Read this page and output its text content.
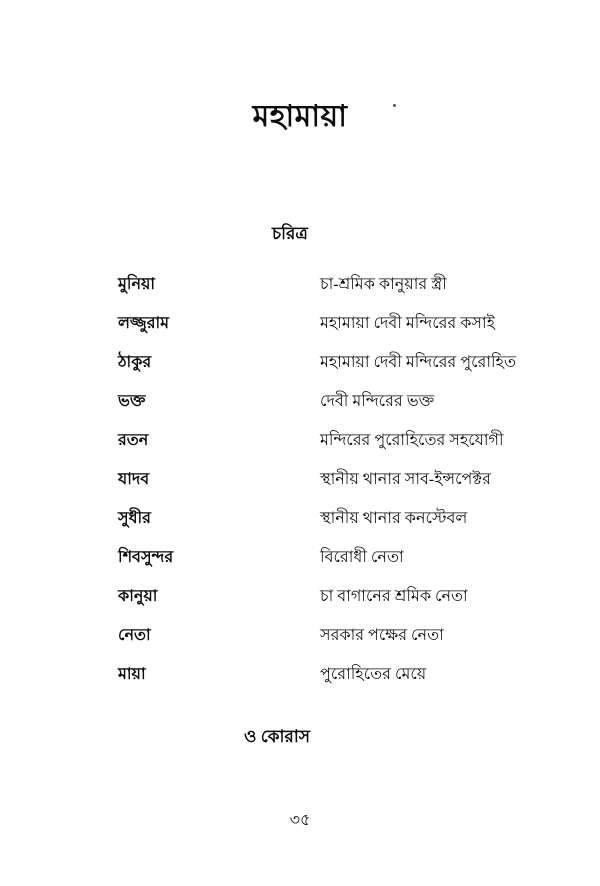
মহামায়া
চরিত্র
মুনিয়া	চা-শ্রমিক কানুয়ার স্ত্রী
লজ্জুরাম	মহামায়া দেবী মন্দিরের কসাই
ঠাকুর	মহামায়া দেবী মন্দিরের পুরোহিত
ভক্ত	দেবী মন্দিরের ভক্ত
রতন	মন্দিরের পুরোহিতের সহযোগী
যাদব	স্থানীয় থানার সাব-ইন্সপেক্টর
সুধীর	স্থানীয় থানার কনস্টেবল
শিবসুন্দর	বিরোধী নেতা
কানুয়া	চা বাগানের শ্রমিক নেতা
নেতা	সরকার পক্ষের নেতা
মায়া	পুরোহিতের মেয়ে

ও কোরাস

৩৫
